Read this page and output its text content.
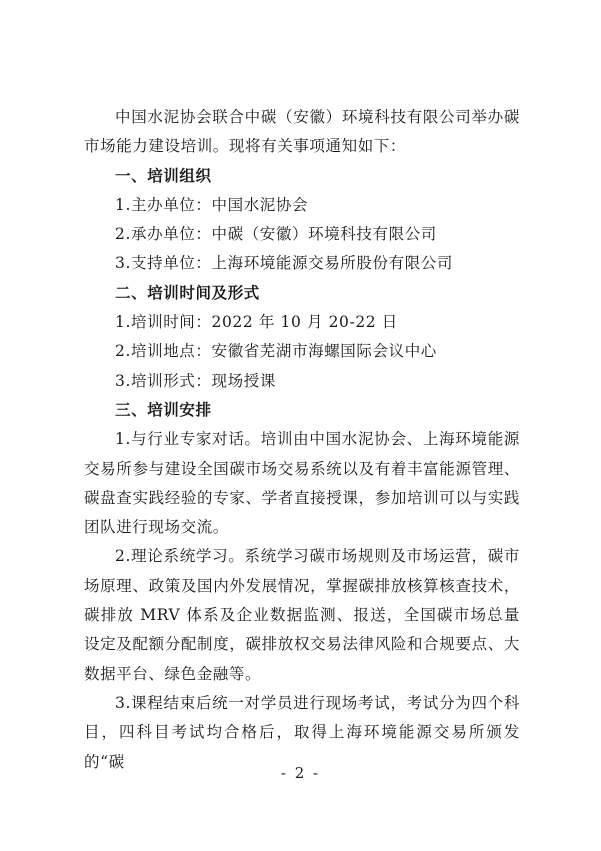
中国水泥协会联合中碳（安徽）环境科技有限公司举办碳市场能力建设培训。现将有关事项通知如下：

一、培训组织

1.主办单位：中国水泥协会

2.承办单位：中碳（安徽）环境科技有限公司

3.支持单位：上海环境能源交易所股份有限公司

二、培训时间及形式

1.培训时间：2022 年 10 月 20-22 日

2.培训地点：安徽省芜湖市海螺国际会议中心

3.培训形式：现场授课

三、培训安排

1.与行业专家对话。培训由中国水泥协会、上海环境能源交易所参与建设全国碳市场交易系统以及有着丰富能源管理、碳盘查实践经验的专家、学者直接授课，参加培训可以与实践团队进行现场交流。

2.理论系统学习。系统学习碳市场规则及市场运营，碳市场原理、政策及国内外发展情况，掌握碳排放核算核查技术，碳排放 MRV 体系及企业数据监测、报送，全国碳市场总量设定及配额分配制度，碳排放权交易法律风险和合规要点、大数据平台、绿色金融等。

3.课程结束后统一对学员进行现场考试，考试分为四个科目，四科目考试均合格后，取得上海环境能源交易所颁发的“碳

- 2 -
